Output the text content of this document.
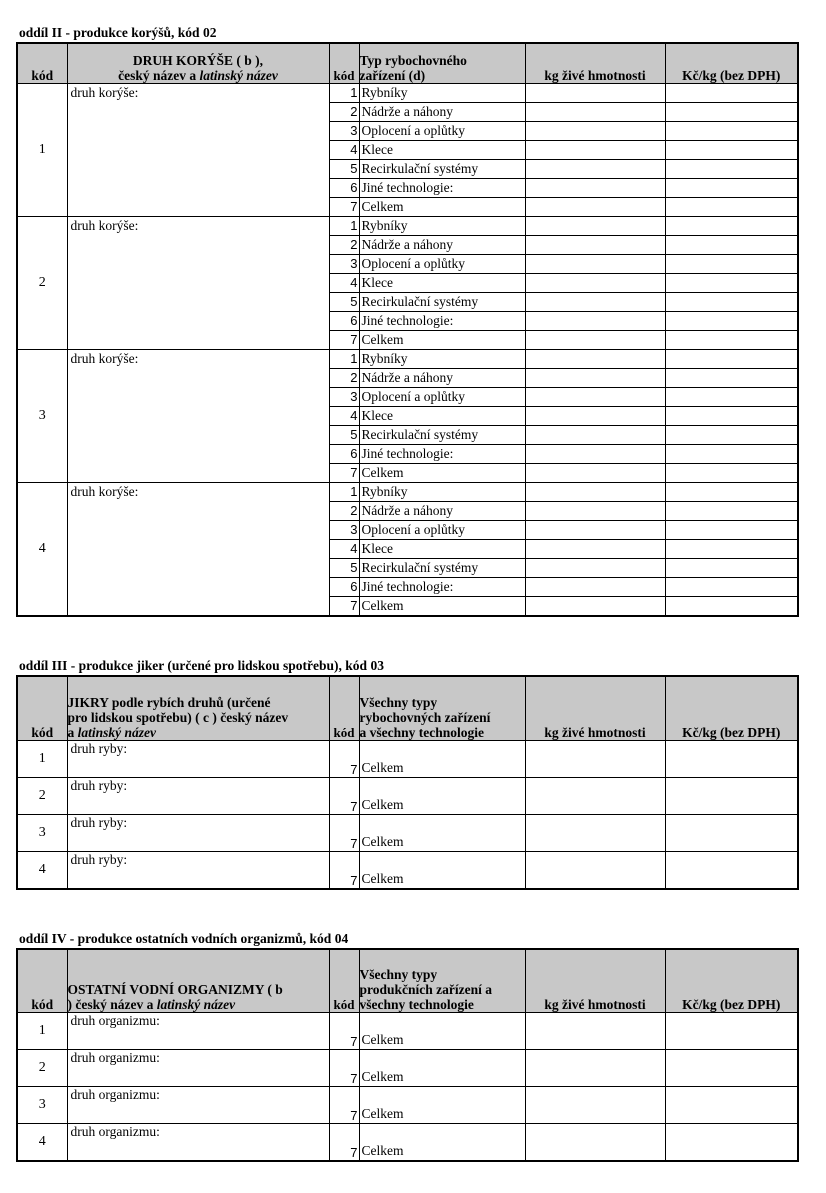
oddíl II - produkce korýšů, kód 02
kód	
DRUH KORÝŠE ( b ),
český název a latinský název	kód	
Typ rybochovného
zařízení (d)	kg živé hmotnosti	Kč/kg (bez DPH)
1	druh korýše:	1	Rybníky		
		2	Nádrže a náhony		
		3	Oplocení a oplůtky		
		4	Klece		
		5	Recirkulační systémy		
		6	Jiné technologie:		
		7	Celkem		
2	druh korýše:	1	Rybníky		
		2	Nádrže a náhony		
		3	Oplocení a oplůtky		
		4	Klece		
		5	Recirkulační systémy		
		6	Jiné technologie:		
		7	Celkem		
3	druh korýše:	1	Rybníky		
		2	Nádrže a náhony		
		3	Oplocení a oplůtky		
		4	Klece		
		5	Recirkulační systémy		
		6	Jiné technologie:		
		7	Celkem		
4	druh korýše:	1	Rybníky		
		2	Nádrže a náhony		
		3	Oplocení a oplůtky		
		4	Klece		
		5	Recirkulační systémy		
		6	Jiné technologie:		
		7	Celkem		
oddíl III - produkce jiker (určené pro lidskou spotřebu), kód 03
kód	
JIKRY podle rybích druhů (určené
pro lidskou spotřebu) ( c ) český název
a latinský název	kód	
Všechny typy
rybochovných zařízení
a všechny technologie	kg živé hmotnosti	Kč/kg (bez DPH)
1	druh ryby:	7	Celkem		
2	druh ryby:	7	Celkem		
3	druh ryby:	7	Celkem		
4	druh ryby:	7	Celkem		
oddíl IV - produkce ostatních vodních organizmů, kód 04
kód	
OSTATNÍ VODNÍ ORGANIZMY ( b
) český název a latinský název	kód	
Všechny typy
produkčních zařízení a
všechny technologie	kg živé hmotnosti	Kč/kg (bez DPH)
1	druh organizmu:	7	Celkem		
2	druh organizmu:	7	Celkem		
3	druh organizmu:	7	Celkem		
4	druh organizmu:	7	Celkem		
